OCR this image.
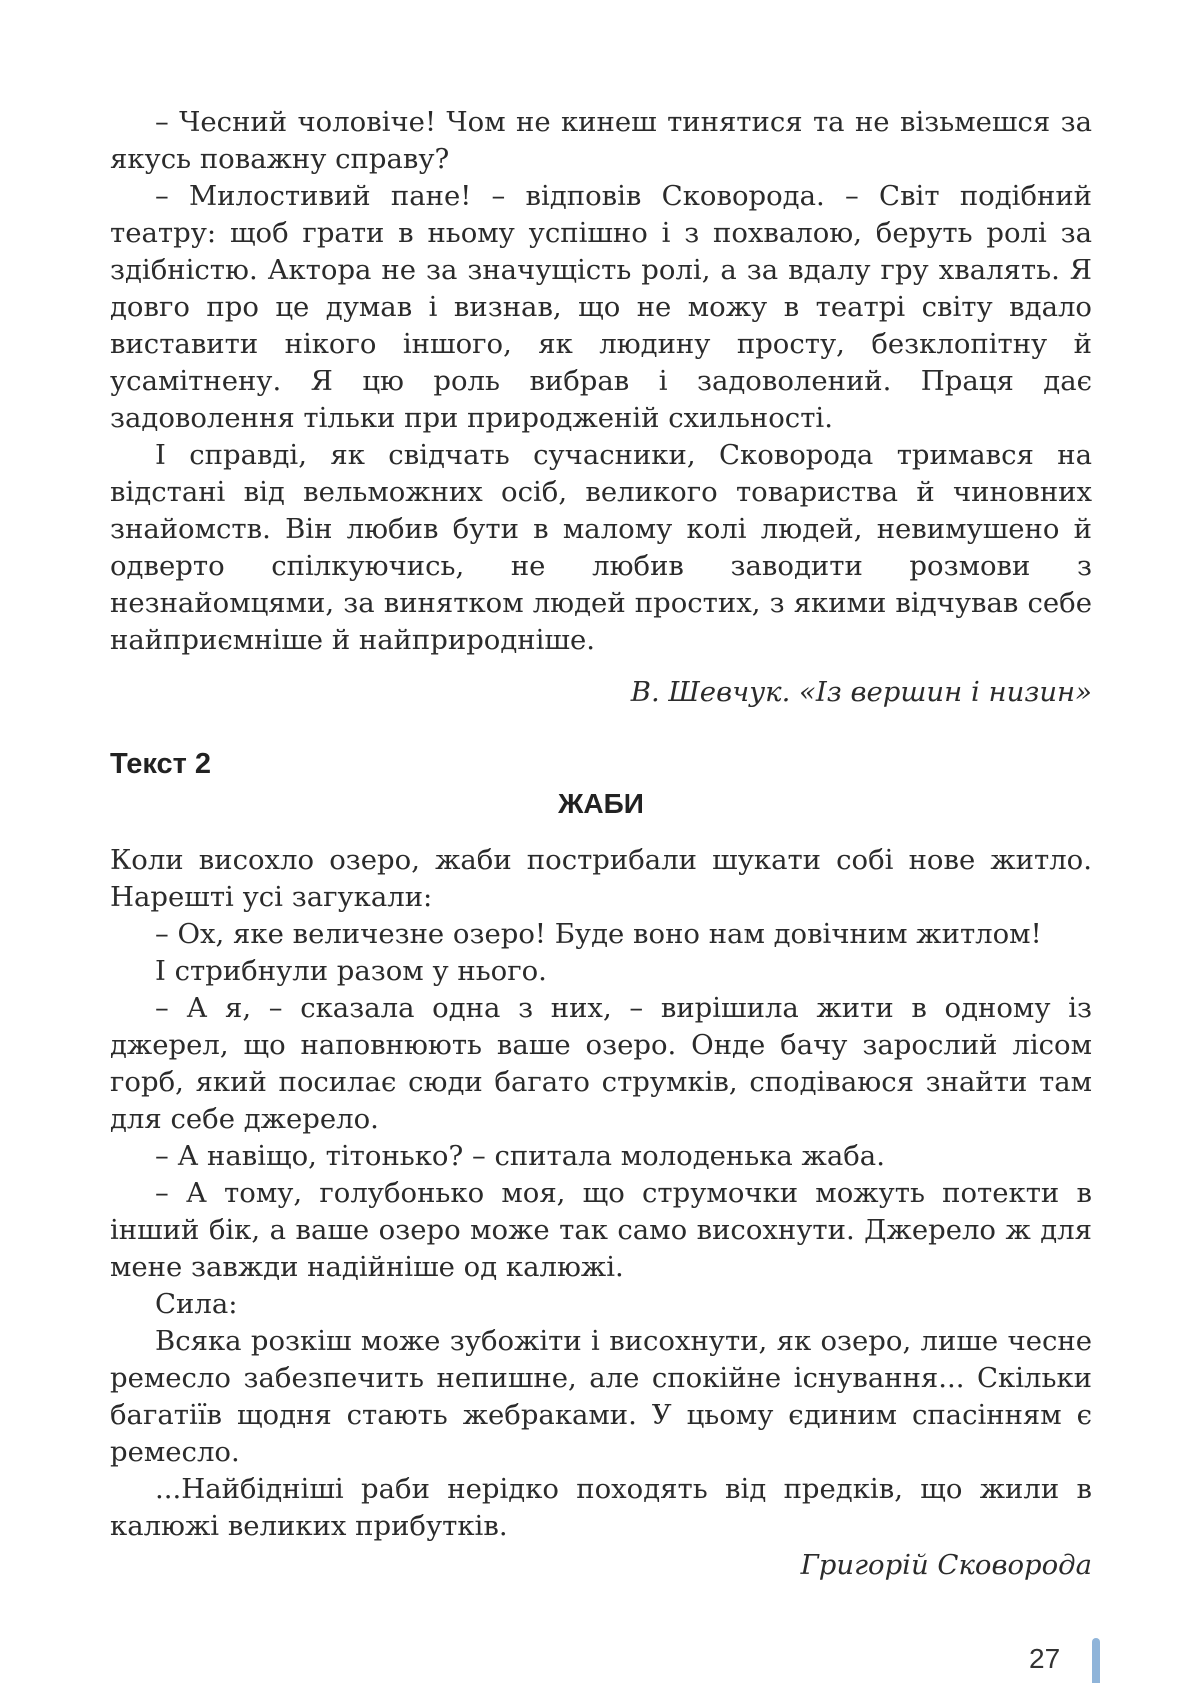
– Чесний чоловіче! Чом не кинеш тинятися та не візьмешся за якусь поважну справу?

– Милостивий пане! – відповів Сковорода. – Світ подібний театру: щоб грати в ньому успішно і з похвалою, беруть ролі за здібністю. Актора не за значущість ролі, а за вдалу гру хвалять. Я довго про це думав і визнав, що не можу в театрі світу вдало виставити нікого іншого, як людину просту, безклопітну й усамітнену. Я цю роль вибрав і задоволений. Праця дає задоволення тільки при природженій схильності.

І справді, як свідчать сучасники, Сковорода тримався на відстані від вельможних осіб, великого товариства й чиновних знайомств. Він любив бути в малому колі людей, невимушено й одверто спілкуючись, не любив заводити розмови з незнайомцями, за винятком людей простих, з якими відчував себе найприємніше й найприродніше.

В. Шевчук. «Із вершин і низин»
Текст 2
ЖАБИ

Коли висохло озеро, жаби пострибали шукати собі нове житло. Нарешті усі загукали:

– Ох, яке величезне озеро! Буде воно нам довічним житлом!

І стрибнули разом у нього.

– А я, – сказала одна з них, – вирішила жити в одному із джерел, що наповнюють ваше озеро. Онде бачу зарослий лісом горб, який посилає сюди багато струмків, сподіваюся знайти там для себе джерело.

– А навіщо, тітонько? – спитала молоденька жаба.

– А тому, голубонько моя, що струмочки можуть потекти в інший бік, а ваше озеро може так само висохнути. Джерело ж для мене завжди надійніше од калюжі.

Сила:

Всяка розкіш може зубожіти і висохнути, як озеро, лише чесне ремесло забезпечить непишне, але спокійне існування... Скільки багатіїв щодня стають жебраками. У цьому єдиним спасінням є ремесло.

...Найбідніші раби нерідко походять від предків, що жили в калюжі великих прибутків.

Григорій Сковорода
27
